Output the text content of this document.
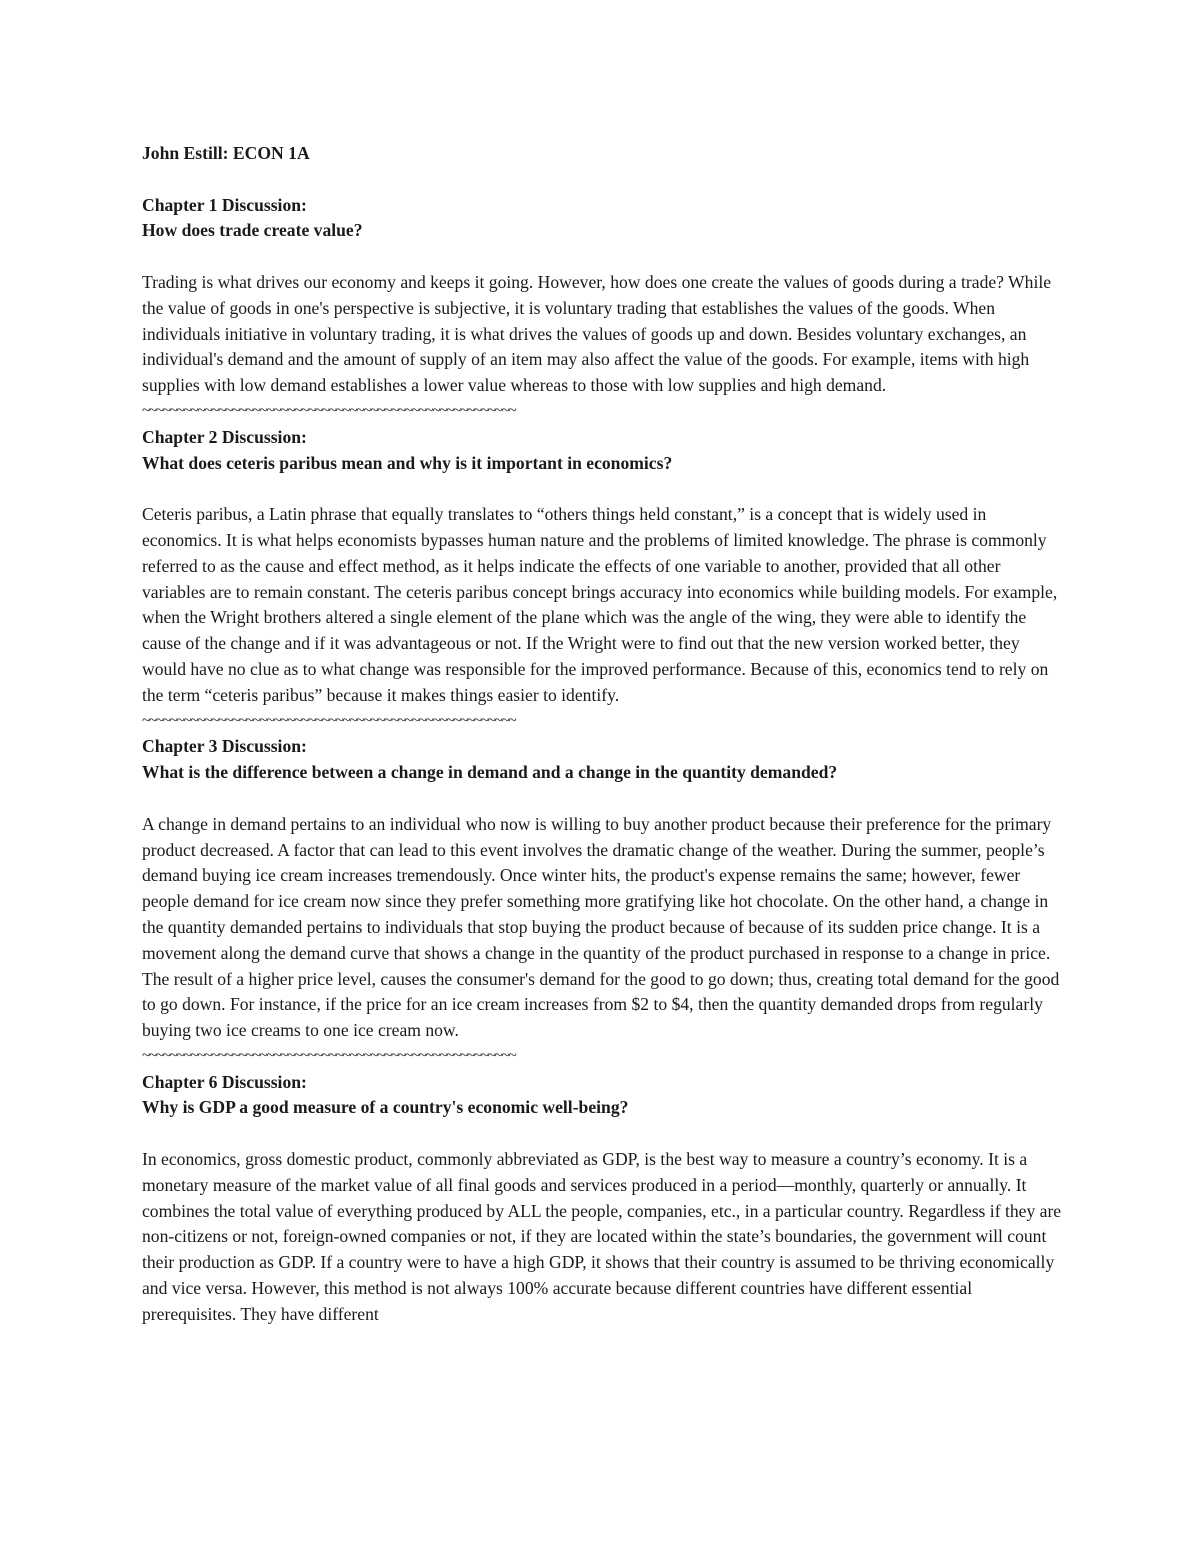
John Estill: ECON 1A

Chapter 1 Discussion:

How does trade create value?

Trading is what drives our economy and keeps it going. However, how does one create the values of goods during a trade? While the value of goods in one's perspective is subjective, it is voluntary trading that establishes the values of the goods. When individuals initiative in voluntary trading, it is what drives the values of goods up and down. Besides voluntary exchanges, an individual's demand and the amount of supply of an item may also affect the value of the goods. For example, items with high supplies with low demand establishes a lower value whereas to those with low supplies and high demand.

~~~~~~~~~~~~~~~~~~~~~~~~~~~~~~~~~~~~~~~~~~~~~~~~~~~~~~

Chapter 2 Discussion:

What does ceteris paribus mean and why is it important in economics?

Ceteris paribus, a Latin phrase that equally translates to “others things held constant,” is a concept that is widely used in economics. It is what helps economists bypasses human nature and the problems of limited knowledge. The phrase is commonly referred to as the cause and effect method, as it helps indicate the effects of one variable to another, provided that all other variables are to remain constant. The ceteris paribus concept brings accuracy into economics while building models. For example, when the Wright brothers altered a single element of the plane which was the angle of the wing, they were able to identify the cause of the change and if it was advantageous or not. If the Wright were to find out that the new version worked better, they would have no clue as to what change was responsible for the improved performance. Because of this, economics tend to rely on the term “ceteris paribus” because it makes things easier to identify.

~~~~~~~~~~~~~~~~~~~~~~~~~~~~~~~~~~~~~~~~~~~~~~~~~~~~~~

Chapter 3 Discussion:

What is the difference between a change in demand and a change in the quantity demanded?

A change in demand pertains to an individual who now is willing to buy another product because their preference for the primary product decreased. A factor that can lead to this event involves the dramatic change of the weather. During the summer, people’s demand buying ice cream increases tremendously. Once winter hits, the product's expense remains the same; however, fewer people demand for ice cream now since they prefer something more gratifying like hot chocolate. On the other hand, a change in the quantity demanded pertains to individuals that stop buying the product because of because of its sudden price change. It is a movement along the demand curve that shows a change in the quantity of the product purchased in response to a change in price. The result of a higher price level, causes the consumer's demand for the good to go down; thus, creating total demand for the good to go down. For instance, if the price for an ice cream increases from $2 to $4, then the quantity demanded drops from regularly buying two ice creams to one ice cream now.

~~~~~~~~~~~~~~~~~~~~~~~~~~~~~~~~~~~~~~~~~~~~~~~~~~~~~~

Chapter 6 Discussion:

Why is GDP a good measure of a country's economic well-being?

In economics, gross domestic product, commonly abbreviated as GDP, is the best way to measure a country’s economy. It is a monetary measure of the market value of all final goods and services produced in a period—monthly, quarterly or annually. It combines the total value of everything produced by ALL the people, companies, etc., in a particular country. Regardless if they are non-citizens or not, foreign-owned companies or not, if they are located within the state’s boundaries, the government will count their production as GDP. If a country were to have a high GDP, it shows that their country is assumed to be thriving economically and vice versa. However, this method is not always 100% accurate because different countries have different essential prerequisites. They have different
